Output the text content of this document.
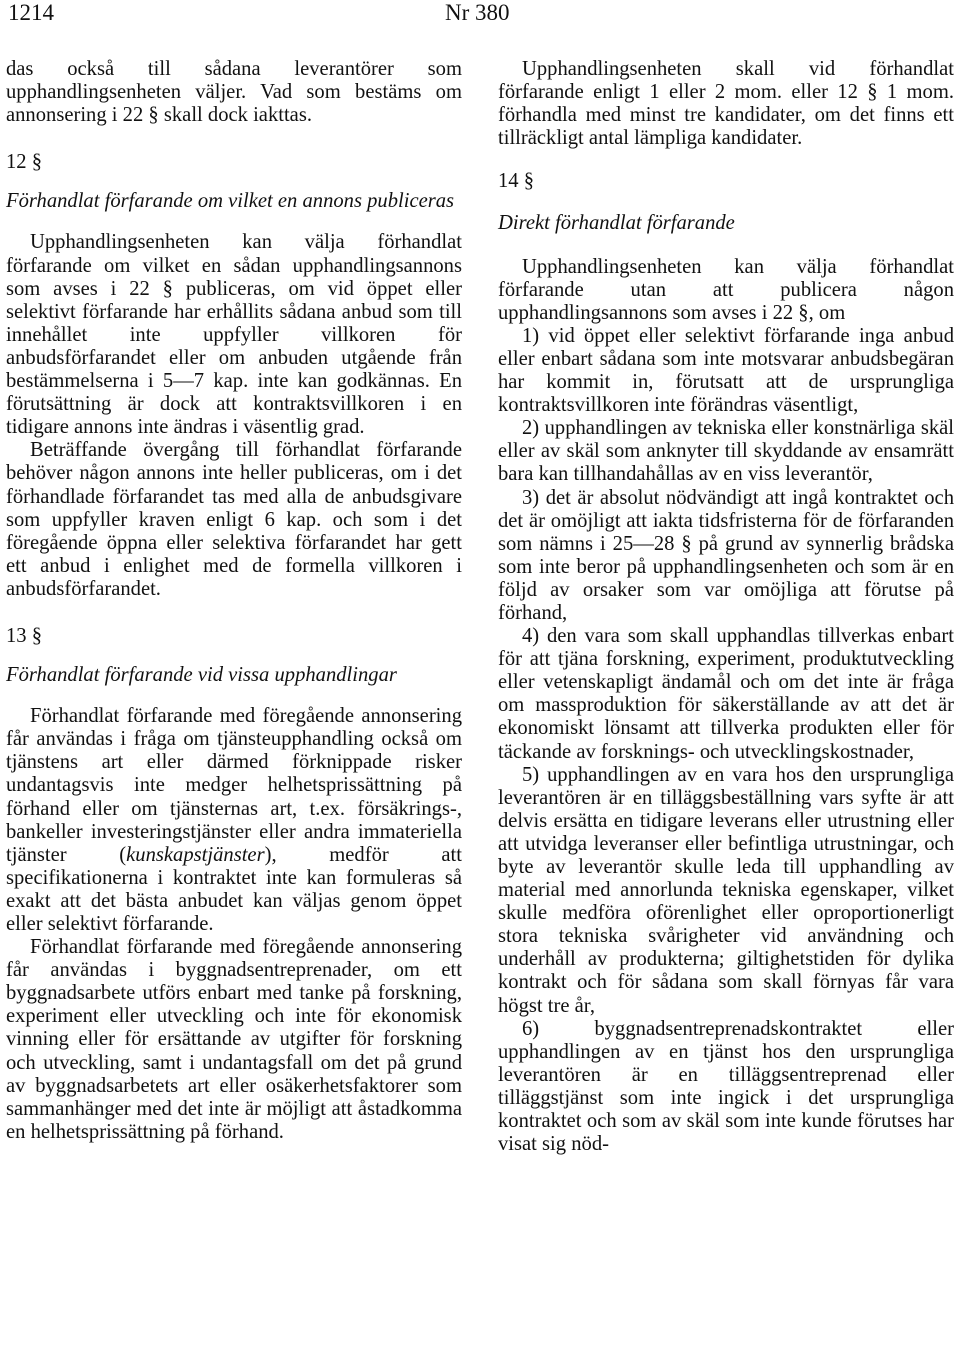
1214	Nr 380

das också till sådana leverantörer som upphandlingsenheten väljer. Vad som bestäms om annonsering i 22 § skall dock iakttas.

12 §

Förhandlat förfarande om vilket en annons publiceras

Upphandlingsenheten kan välja förhandlat förfarande om vilket en sådan upphandlingsannons som avses i 22 § publiceras, om vid öppet eller selektivt förfarande har erhållits sådana anbud som till innehållet inte uppfyller villkoren för anbudsförfarandet eller om anbuden utgående från bestämmelserna i 5—7 kap. inte kan godkännas. En förutsättning är dock att kontraktsvillkoren i en tidigare annons inte ändras i väsentlig grad.

Beträffande övergång till förhandlat förfarande behöver någon annons inte heller publiceras, om i det förhandlade förfarandet tas med alla de anbudsgivare som uppfyller kraven enligt 6 kap. och som i det föregående öppna eller selektiva förfarandet har gett ett anbud i enlighet med de formella villkoren i anbudsförfarandet.

13 §

Förhandlat förfarande vid vissa upphandlingar

Förhandlat förfarande med föregående annonsering får användas i fråga om tjänsteupphandling också om tjänstens art eller därmed förknippade risker undantagsvis inte medger helhetsprissättning på förhand eller om tjänsternas art, t.ex. försäkrings-, bankeller investeringstjänster eller andra immateriella tjänster (kunskapstjänster), medför att specifikationerna i kontraktet inte kan formuleras så exakt att det bästa anbudet kan väljas genom öppet eller selektivt förfarande.

Förhandlat förfarande med föregående annonsering får användas i byggnadsentreprenader, om ett byggnadsarbete utförs enbart med tanke på forskning, experiment eller utveckling och inte för ekonomisk vinning eller för ersättande av utgifter för forskning och utveckling, samt i undantagsfall om det på grund av byggnadsarbetets art eller osäkerhetsfaktorer som sammanhänger med det inte är möjligt att åstadkomma en helhetsprissättning på förhand.

Upphandlingsenheten skall vid förhandlat förfarande enligt 1 eller 2 mom. eller 12 § 1 mom. förhandla med minst tre kandidater, om det finns ett tillräckligt antal lämpliga kandidater.

14 §

Direkt förhandlat förfarande

Upphandlingsenheten kan välja förhandlat förfarande utan att publicera någon upphandlingsannons som avses i 22 §, om

1) vid öppet eller selektivt förfarande inga anbud eller enbart sådana som inte motsvarar anbudsbegäran har kommit in, förutsatt att de ursprungliga kontraktsvillkoren inte förändras väsentligt,

2) upphandlingen av tekniska eller konstnärliga skäl eller av skäl som anknyter till skyddande av ensamrätt bara kan tillhandahållas av en viss leverantör,

3) det är absolut nödvändigt att ingå kontraktet och det är omöjligt att iakta tidsfristerna för de förfaranden som nämns i 25—28 § på grund av synnerlig brådska som inte beror på upphandlingsenheten och som är en följd av orsaker som var omöjliga att förutse på förhand,

4) den vara som skall upphandlas tillverkas enbart för att tjäna forskning, experiment, produktutveckling eller vetenskapligt ändamål och om det inte är fråga om massproduktion för säkerställande av att det är ekonomiskt lönsamt att tillverka produkten eller för täckande av forsknings- och utvecklingskostnader,

5) upphandlingen av en vara hos den ursprungliga leverantören är en tilläggsbeställning vars syfte är att delvis ersätta en tidigare leverans eller utrustning eller att utvidga leveranser eller befintliga utrustningar, och byte av leverantör skulle leda till upphandling av material med annorlunda tekniska egenskaper, vilket skulle medföra oförenlighet eller oproportionerligt stora tekniska svårigheter vid användning och underhåll av produkterna; giltighetstiden för dylika kontrakt och för sådana som skall förnyas får vara högst tre år,

6) byggnadsentreprenadskontraktet eller upphandlingen av en tjänst hos den ursprungliga leverantören är en tilläggsentreprenad eller tilläggstjänst som inte ingick i det ursprungliga kontraktet och som av skäl som inte kunde förutses har visat sig nöd-
